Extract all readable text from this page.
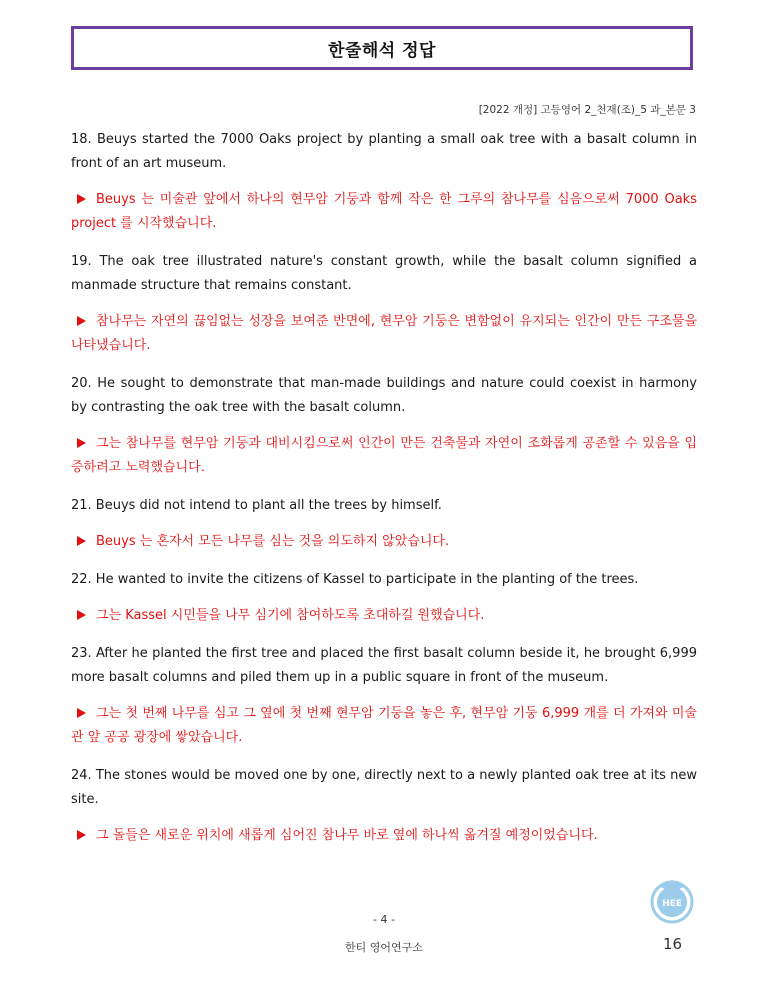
한줄해석 정답
[2022 개정] 고등영어 2_천재(조)_5 과_본문 3

18. Beuys started the 7000 Oaks project by planting a small oak tree with a basalt column in front of an art museum.

Beuys 는 미술관 앞에서 하나의 현무암 기둥과 함께 작은 한 그루의 참나무를 심음으로써 7000 Oaks project 를 시작했습니다.

19. The oak tree illustrated nature's constant growth, while the basalt column signified a manmade structure that remains constant.

참나무는 자연의 끊임없는 성장을 보여준 반면에, 현무암 기둥은 변함없이 유지되는 인간이 만든 구조물을 나타냈습니다.

20. He sought to demonstrate that man-made buildings and nature could coexist in harmony by contrasting the oak tree with the basalt column.

그는 참나무를 현무암 기둥과 대비시킴으로써 인간이 만든 건축물과 자연이 조화롭게 공존할 수 있음을 입증하려고 노력했습니다.

21. Beuys did not intend to plant all the trees by himself.

Beuys 는 혼자서 모든 나무를 심는 것을 의도하지 않았습니다.

22. He wanted to invite the citizens of Kassel to participate in the planting of the trees.

그는 Kassel 시민들을 나무 심기에 참여하도록 초대하길 원했습니다.

23. After he planted the first tree and placed the first basalt column beside it, he brought 6,999 more basalt columns and piled them up in a public square in front of the museum.

그는 첫 번째 나무를 심고 그 옆에 첫 번째 현무암 기둥을 놓은 후, 현무암 기둥 6,999 개를 더 가져와 미술관 앞 공공 광장에 쌓았습니다.

24. The stones would be moved one by one, directly next to a newly planted oak tree at its new site.

그 돌들은 새로운 위치에 새롭게 심어진 참나무 바로 옆에 하나씩 옮겨질 예정이었습니다.

HEE
- 4 -
한티 영어연구소	16
